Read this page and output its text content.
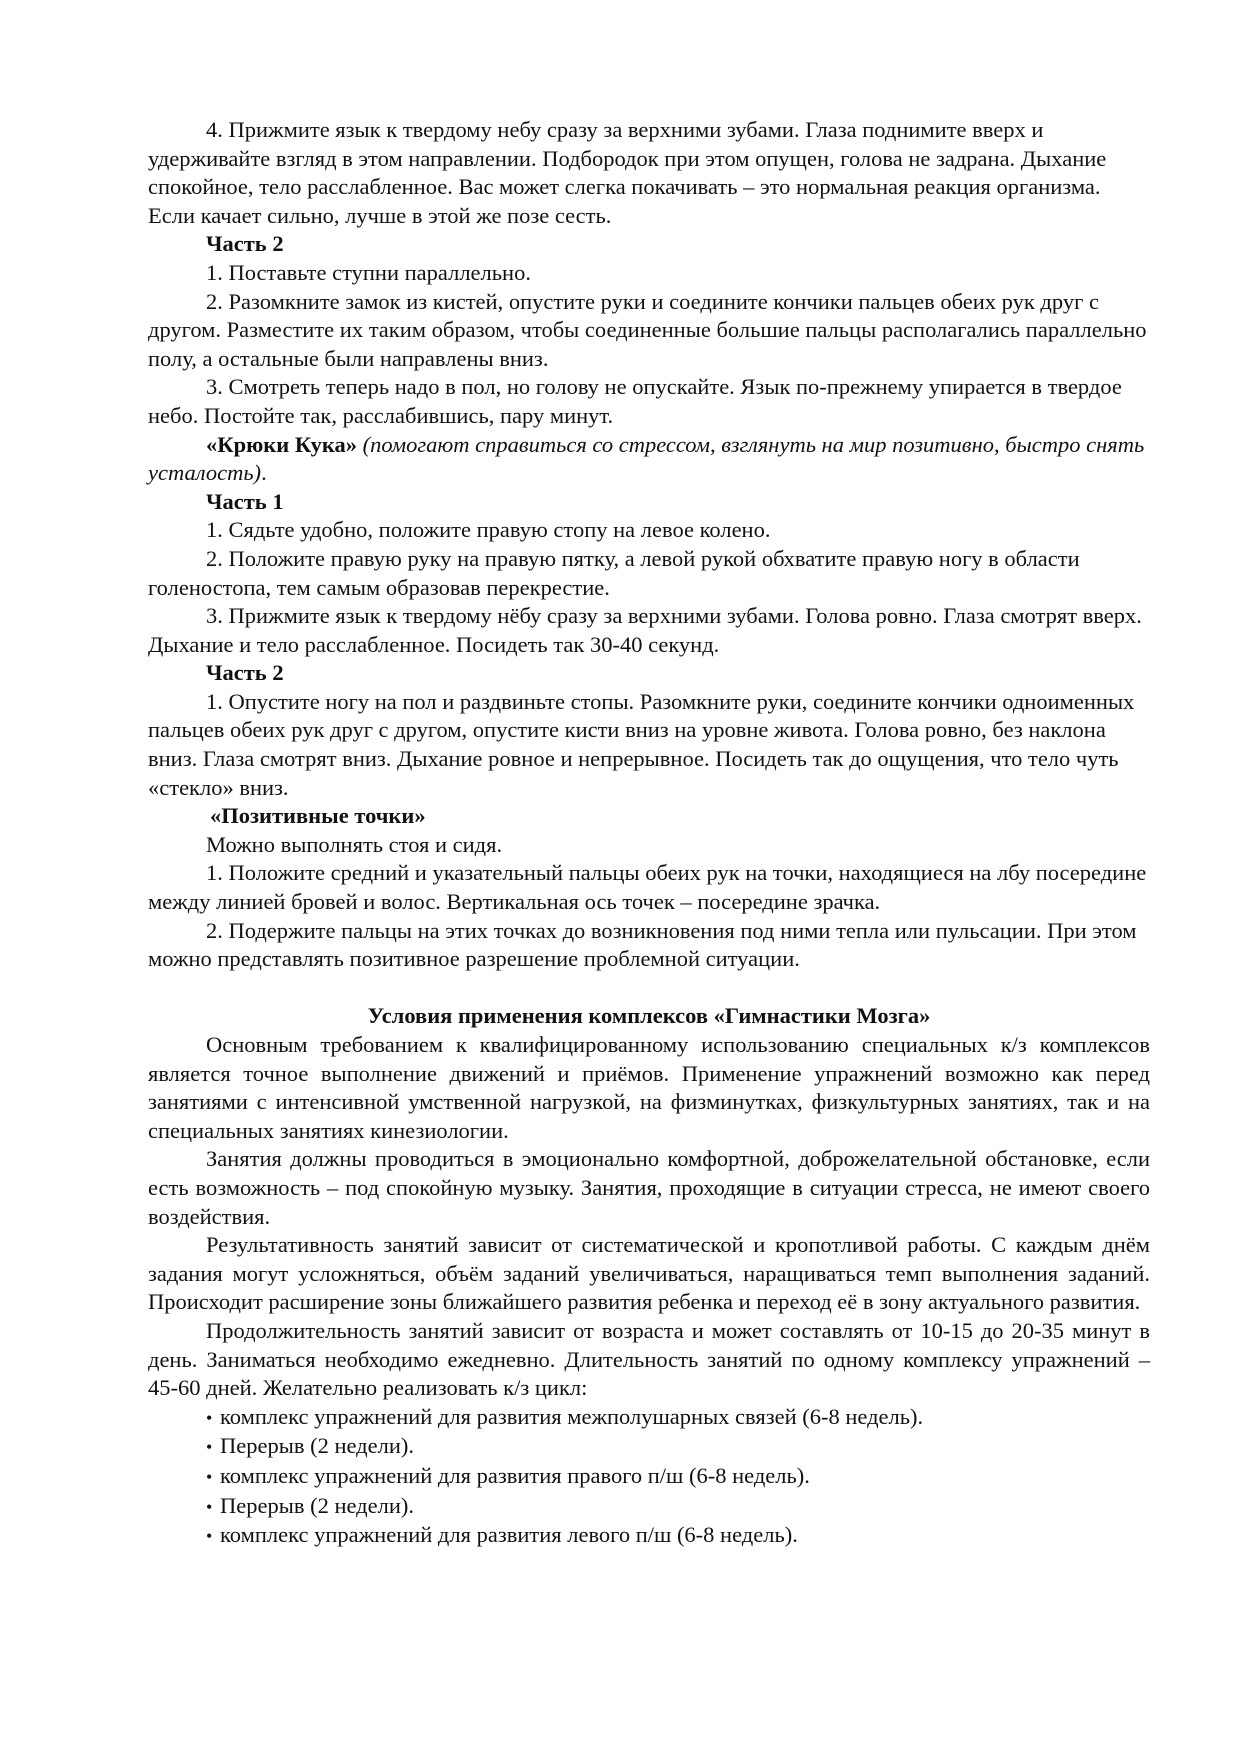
4. Прижмите язык к твердому небу сразу за верхними зубами. Глаза поднимите вверх и удерживайте взгляд в этом направлении. Подбородок при этом опущен, голова не задрана. Дыхание спокойное, тело расслабленное. Вас может слегка покачивать – это нормальная реакция организма. Если качает сильно, лучше в этой же позе сесть.

Часть 2

1. Поставьте ступни параллельно.

2. Разомкните замок из кистей, опустите руки и соедините кончики пальцев обеих рук друг с другом. Разместите их таким образом, чтобы соединенные большие пальцы располагались параллельно полу, а остальные были направлены вниз.

3. Смотреть теперь надо в пол, но голову не опускайте. Язык по-прежнему упирается в твердое небо. Постойте так, расслабившись, пару минут.

«Крюки Кука» (помогают справиться со стрессом, взглянуть на мир позитивно, быстро снять усталость).

Часть 1

1. Сядьте удобно, положите правую стопу на левое колено.

2. Положите правую руку на правую пятку, а левой рукой обхватите правую ногу в области голеностопа, тем самым образовав перекрестие.

3. Прижмите язык к твердому нёбу сразу за верхними зубами. Голова ровно. Глаза смотрят вверх. Дыхание и тело расслабленное. Посидеть так 30-40 секунд.

Часть 2

1. Опустите ногу на пол и раздвиньте стопы. Разомкните руки, соедините кончики одноименных пальцев обеих рук друг с другом, опустите кисти вниз на уровне живота. Голова ровно, без наклона вниз. Глаза смотрят вниз. Дыхание ровное и непрерывное. Посидеть так до ощущения, что тело чуть «стекло» вниз.

«Позитивные точки»

Можно выполнять стоя и сидя.

1. Положите средний и указательный пальцы обеих рук на точки, находящиеся на лбу посередине между линией бровей и волос. Вертикальная ось точек – посередине зрачка.

2. Подержите пальцы на этих точках до возникновения под ними тепла или пульсации. При этом можно представлять позитивное разрешение проблемной ситуации.

Условия применения комплексов «Гимнастики Мозга»

Основным требованием к квалифицированному использованию специальных к/з комплексов является точное выполнение движений и приёмов. Применение упражнений возможно как перед занятиями с интенсивной умственной нагрузкой, на физминутках, физкультурных занятиях, так и на специальных занятиях кинезиологии.

Занятия должны проводиться в эмоционально комфортной, доброжелательной обстановке, если есть возможность – под спокойную музыку. Занятия, проходящие в ситуации стресса, не имеют своего воздействия.

Результативность занятий зависит от систематической и кропотливой работы. С каждым днём задания могут усложняться, объём заданий увеличиваться, наращиваться темп выполнения заданий. Происходит расширение зоны ближайшего развития ребенка и переход её в зону актуального развития.

Продолжительность занятий зависит от возраста и может составлять от 10-15 до 20-35 минут в день. Заниматься необходимо ежедневно. Длительность занятий по одному комплексу упражнений – 45-60 дней. Желательно реализовать к/з цикл:

• комплекс упражнений для развития межполушарных связей (6-8 недель).
• Перерыв (2 недели).
• комплекс упражнений для развития правого п/ш (6-8 недель).
• Перерыв (2 недели).
• комплекс упражнений для развития левого п/ш (6-8 недель).
